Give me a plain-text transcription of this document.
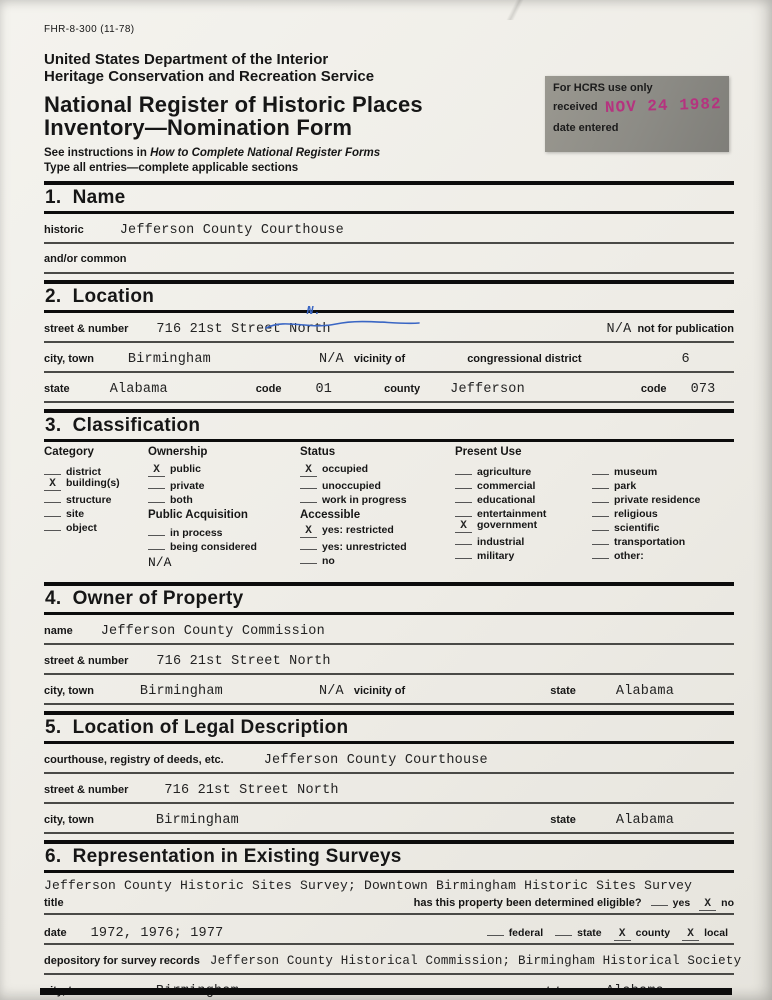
For HCRS use only
received NOV 24 1982
date entered
FHR-8-300 (11-78)
United States Department of the Interior
Heritage Conservation and Recreation Service
National Register of Historic Places
Inventory—Nomination Form
See instructions in How to Complete National Register Forms
Type all entries—complete applicable sections
1.  Name
historic	Jefferson County Courthouse
and/or common
2.  Location
street & number 716 21st Street North
N.
N/A not for publication
city, town	Birmingham	N/A vicinity of	congressional district	6
state	Alabama	code	01	county Jefferson	code 073
3.  Classification
Category
district
X building(s)
structure
site
object
Ownership
X public
private
both
Public Acquisition
in process
being considered
N/A
Status
X occupied
unoccupied
work in progress
Accessible
X yes: restricted
yes: unrestricted
no
Present Use
agriculture
commercial
educational
entertainment
X government
industrial
military
museum
park
private residence
religious
scientific
transportation
other:
4.  Owner of Property
name Jefferson County Commission
street & number 716 21st Street North
city, town	Birmingham	N/A vicinity of	state	Alabama
5.  Location of Legal Description
courthouse, registry of deeds, etc.	Jefferson County Courthouse
street & number	716 21st Street North
city, town	Birmingham	state	Alabama
6.  Representation in Existing Surveys
Jefferson County Historic Sites Survey; Downtown Birmingham Historic Sites Survey
title	has this property been determined eligible?	yes	X no
date 1972, 1976; 1977	federal	state	X county	X local
depository for survey records Jefferson County Historical Commission; Birmingham Historical Society
